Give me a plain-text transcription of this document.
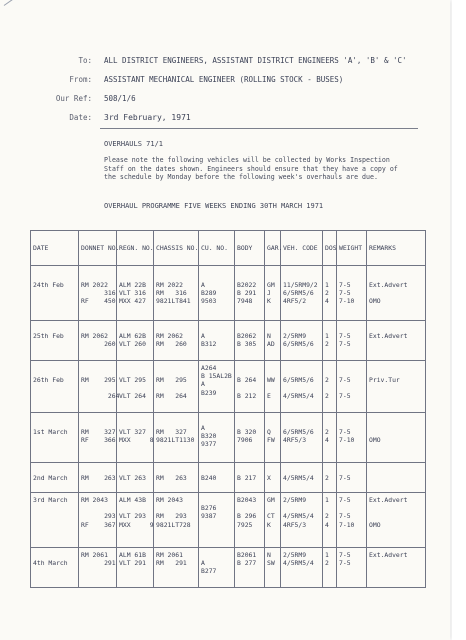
To: ALL DISTRICT ENGINEERS, ASSISTANT DISTRICT ENGINEERS 'A', 'B' & 'C'
From: ASSISTANT MECHANICAL ENGINEER (ROLLING STOCK - BUSES)
Our Ref: 508/1/6
Date: 3rd February, 1971
OVERHAULS 71/1
Please note the following vehicles will be collected by Works Inspection Staff on the dates shown. Engineers should ensure that they have a copy of the schedule by Monday before the following week's overhauls are due.
OVERHAUL PROGRAMME FIVE WEEKS ENDING 30TH MARCH 1971
DATE	DONNET NO.	REGN. NO.	CHASSIS NO.	CU. NO.	BODY	GAR.	VEH. CODE	DOS	WEIGHT	REMARKS

24th Feb	RM 2022
316
RF    450	ALM 22B
VLT 316
MXX 427	RM 2022
RM   316
9821LT841	A
B289
9503	B2022
B 291
7948	GM
J
K	11/5RM9/2
6/5RM5/6
4RF5/2	1
2
4	7-5
7-5
7-10	Ext.Advert

OMO

25th Feb	RM 2062
260	ALM 62B
VLT 260	RM 2062
RM   260	A
B312	B2062
B 305	N
AD	2/5RM9
6/5RM5/6	1
2	7-5
7-5	Ext.Advert

26th Feb	RM    295

264	VLT 295

VLT 264	RM   295

RM   264	A264
B 15AL2B
A
B239	B 264

B 212	WW

E	6/5RM5/6

4/5RM5/4	2

2	7-5

7-5	Priv.Tur

1st March	RM    327
RF    366	VLT 327
MXX     8	RM   327
9821LT1130	A
B320
9377	B 320
7906	Q
FW	6/5RM5/6
4RF5/3	2
4	7-5
7-10	
OMO

2nd March	RM    263	VLT 263	RM   263	B240	B 217	X	4/5RM5/4	2	7-5	

3rd March	RM 2043

293
RF    367	ALM 43B

VLT 293
MXX     9	RM 2043

RM   293
9821LT728	
B276
9387	B2043

B 296
7925	GM

CT
K	2/5RM9

4/5RM5/4
4RF5/3	1

2
4	7-5

7-5
7-10	Ext.Advert

OMO

4th March	RM 2061
291	ALM 61B
VLT 291	RM 2061
RM   291	
A
B277	B2061
B 277	N
SW	2/5RM9
4/5RM5/4	1
2	7-5
7-5	Ext.Advert
